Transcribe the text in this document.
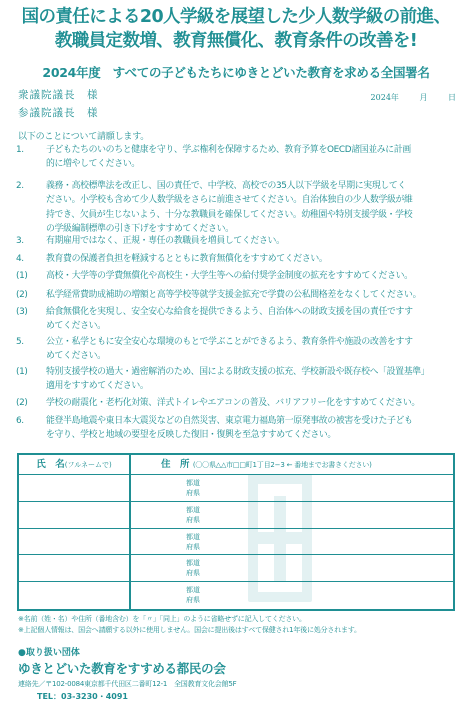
国の責任による20人学級を展望した少人数学級の前進、
教職員定数増、教育無償化、教育条件の改善を!
2024年度　すべての子どもたちにゆきとどいた教育を求める全国署名
衆議院議長　様
参議院議長　様
2024年	月	日
以下のことについて請願します。
1.	子どもたちのいのちと健康を守り、学ぶ権利を保障するため、教育予算をOECD諸国並みに計画
的に増やしてください。
2.	義務・高校標準法を改正し、国の責任で、中学校、高校での35人以下学級を早期に実現してく
ださい。小学校も含めて少人数学級をさらに前進させてください。自治体独自の少人数学級が維
持でき、欠員が生じないよう、十分な教職員を確保してください。幼稚園や特別支援学級・学校
の学級編制標準の引き下げをすすめてください。
3.	有期雇用ではなく、正規・専任の教職員を増員してください。
4.	教育費の保護者負担を軽減するとともに教育無償化をすすめてください。
(1)	高校・大学等の学費無償化や高校生・大学生等への給付奨学金制度の拡充をすすめてください。
(2)	私学経常費助成補助の増額と高等学校等就学支援金拡充で学費の公私間格差をなくしてください。
(3)	給食無償化を実現し、安全安心な給食を提供できるよう、自治体への財政支援を国の責任ですす
めてください。
5.	公立・私学ともに安全安心な環境のもとで学ぶことができるよう、教育条件や施設の改善をすす
めてください。
(1)	特別支援学校の過大・過密解消のため、国による財政支援の拡充、学校新設や既存校へ「設置基準」
適用をすすめてください。
(2)	学校の耐震化・老朽化対策、洋式トイレやエアコンの普及、バリアフリー化をすすめてください。
6.	能登半島地震や東日本大震災などの自然災害、東京電力福島第一原発事故の被害を受けた子ども
を守り、学校と地域の要望を反映した復旧・復興を至急すすめてください。
氏　名(フルネームで)	住　所 (〇〇県△△市□□町1丁目2−3 ← 番地までお書きください)
都道
府県
都道
府県
都道
府県
都道
府県
都道
府県
※名前（姓・名）や住所（番地含む）を「〃」「同上」のように省略せずに記入してください。
※上記個人情報は、国会へ請願する以外に使用しません。国会に提出後はすべて保健され1年後に処分されます。
●取り扱い団体
ゆきとどいた教育をすすめる都民の会
連絡先／〒102-0084東京都千代田区二番町12-1　全国教育文化会館5F
TEL：03-3230・4091
